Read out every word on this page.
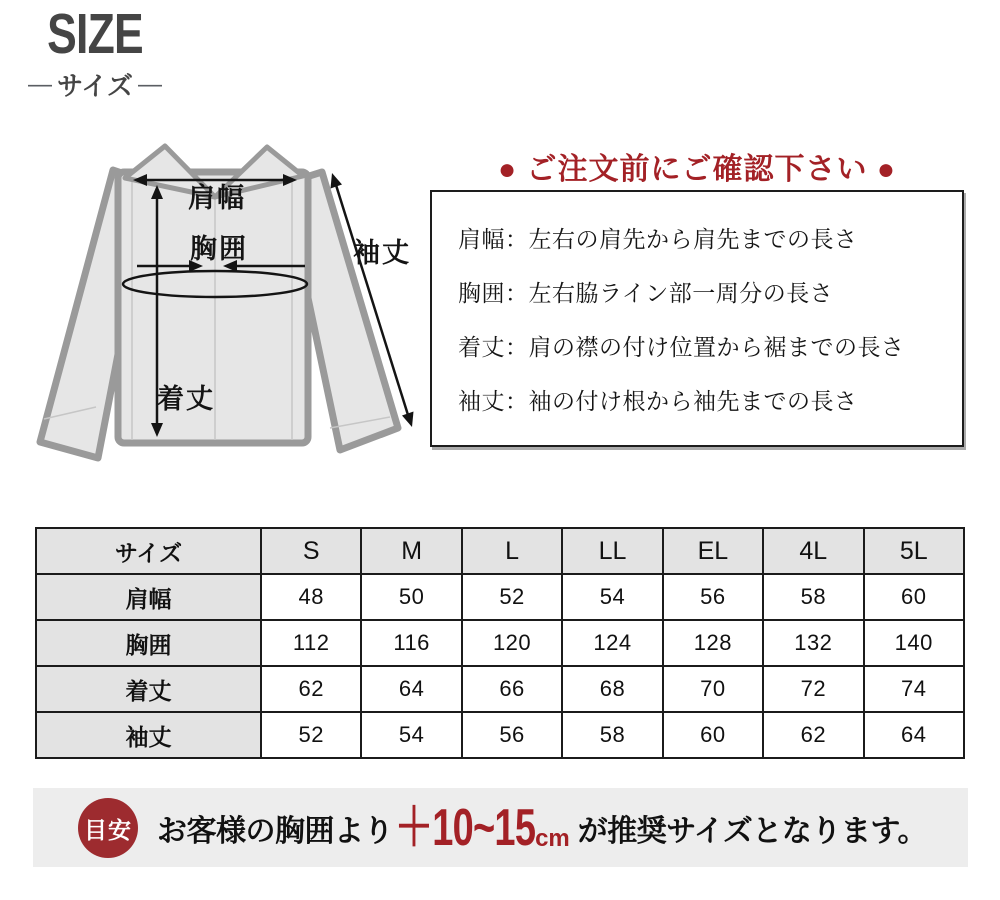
SIZE
— サイズ —
肩幅
胸囲
着丈
袖丈
● ご注文前にご確認下さい ●

肩幅：左右の肩先から肩先までの長さ

胸囲：左右脇ライン部一周分の長さ

着丈：肩の襟の付け位置から裾までの長さ

袖丈：袖の付け根から袖先までの長さ

サイズ	S	M	L	LL	EL	4L	5L
肩幅	48	50	52	54	56	58	60
胸囲	112	116	120	124	128	132	140
着丈	62	64	66	68	70	72	74
袖丈	52	54	56	58	60	62	64
目安 お客様の胸囲より ＋10~15 cm が推奨サイズとなります。
